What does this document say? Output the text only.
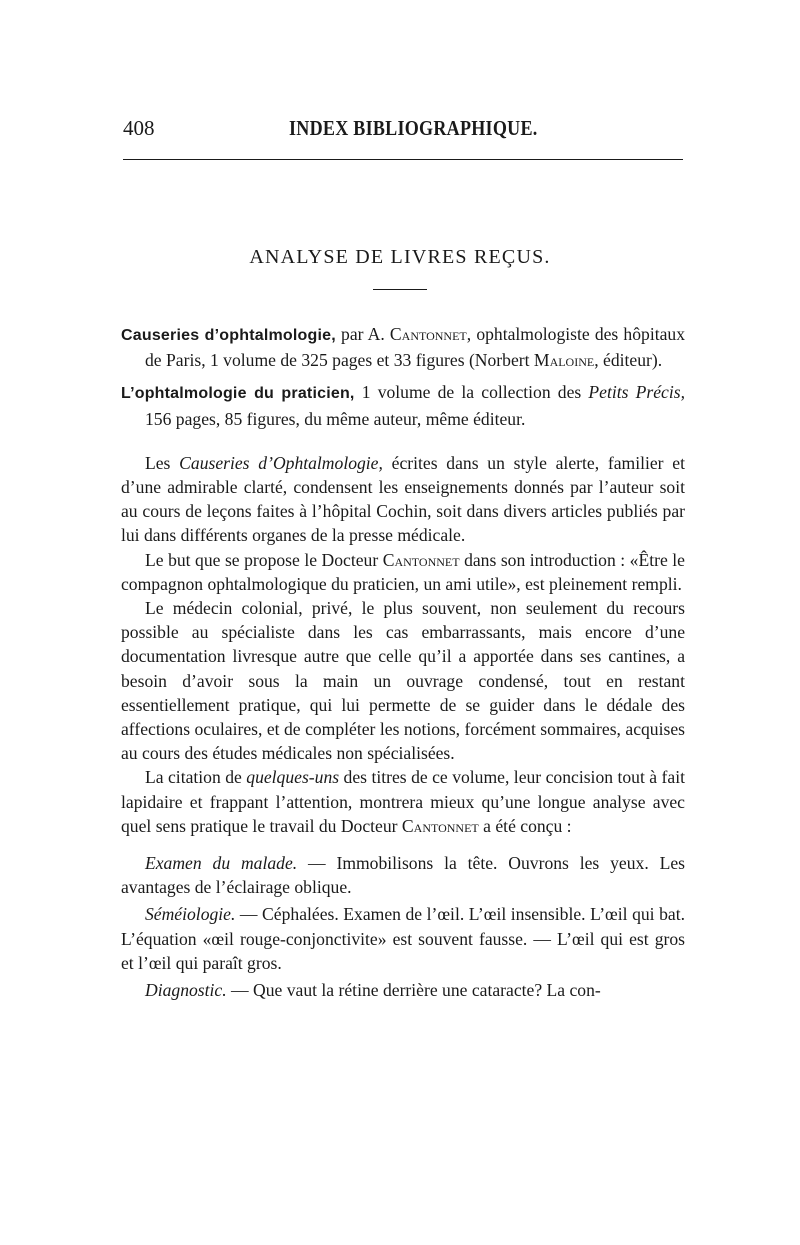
408	INDEX BIBLIOGRAPHIQUE.
ANALYSE DE LIVRES REÇUS.

Causeries d’ophtalmologie, par A. Cantonnet, ophtalmologiste des hôpitaux de Paris, 1 volume de 325 pages et 33 figures (Norbert Maloine, éditeur).

L’ophtalmologie du praticien, 1 volume de la collection des Petits Précis, 156 pages, 85 figures, du même auteur, même éditeur.

Les Causeries d’Ophtalmologie, écrites dans un style alerte, familier et d’une admirable clarté, condensent les enseignements donnés par l’auteur soit au cours de leçons faites à l’hôpital Cochin, soit dans divers articles publiés par lui dans différents organes de la presse médicale.

Le but que se propose le Docteur Cantonnet dans son introduction : «Être le compagnon ophtalmologique du praticien, un ami utile», est pleinement rempli.

Le médecin colonial, privé, le plus souvent, non seulement du recours possible au spécialiste dans les cas embarrassants, mais encore d’une documentation livresque autre que celle qu’il a apportée dans ses cantines, a besoin d’avoir sous la main un ouvrage condensé, tout en restant essentiellement pratique, qui lui permette de se guider dans le dédale des affections oculaires, et de compléter les notions, forcément sommaires, acquises au cours des études médicales non spécialisées.

La citation de quelques-uns des titres de ce volume, leur concision tout à fait lapidaire et frappant l’attention, montrera mieux qu’une longue analyse avec quel sens pratique le travail du Docteur Cantonnet a été conçu :

Examen du malade. — Immobilisons la tête. Ouvrons les yeux. Les avantages de l’éclairage oblique.

Séméiologie. — Céphalées. Examen de l’œil. L’œil insensible. L’œil qui bat. L’équation «œil rouge-conjonctivite» est souvent fausse. — L’œil qui est gros et l’œil qui paraît gros.

Diagnostic. — Que vaut la rétine derrière une cataracte? La con-
